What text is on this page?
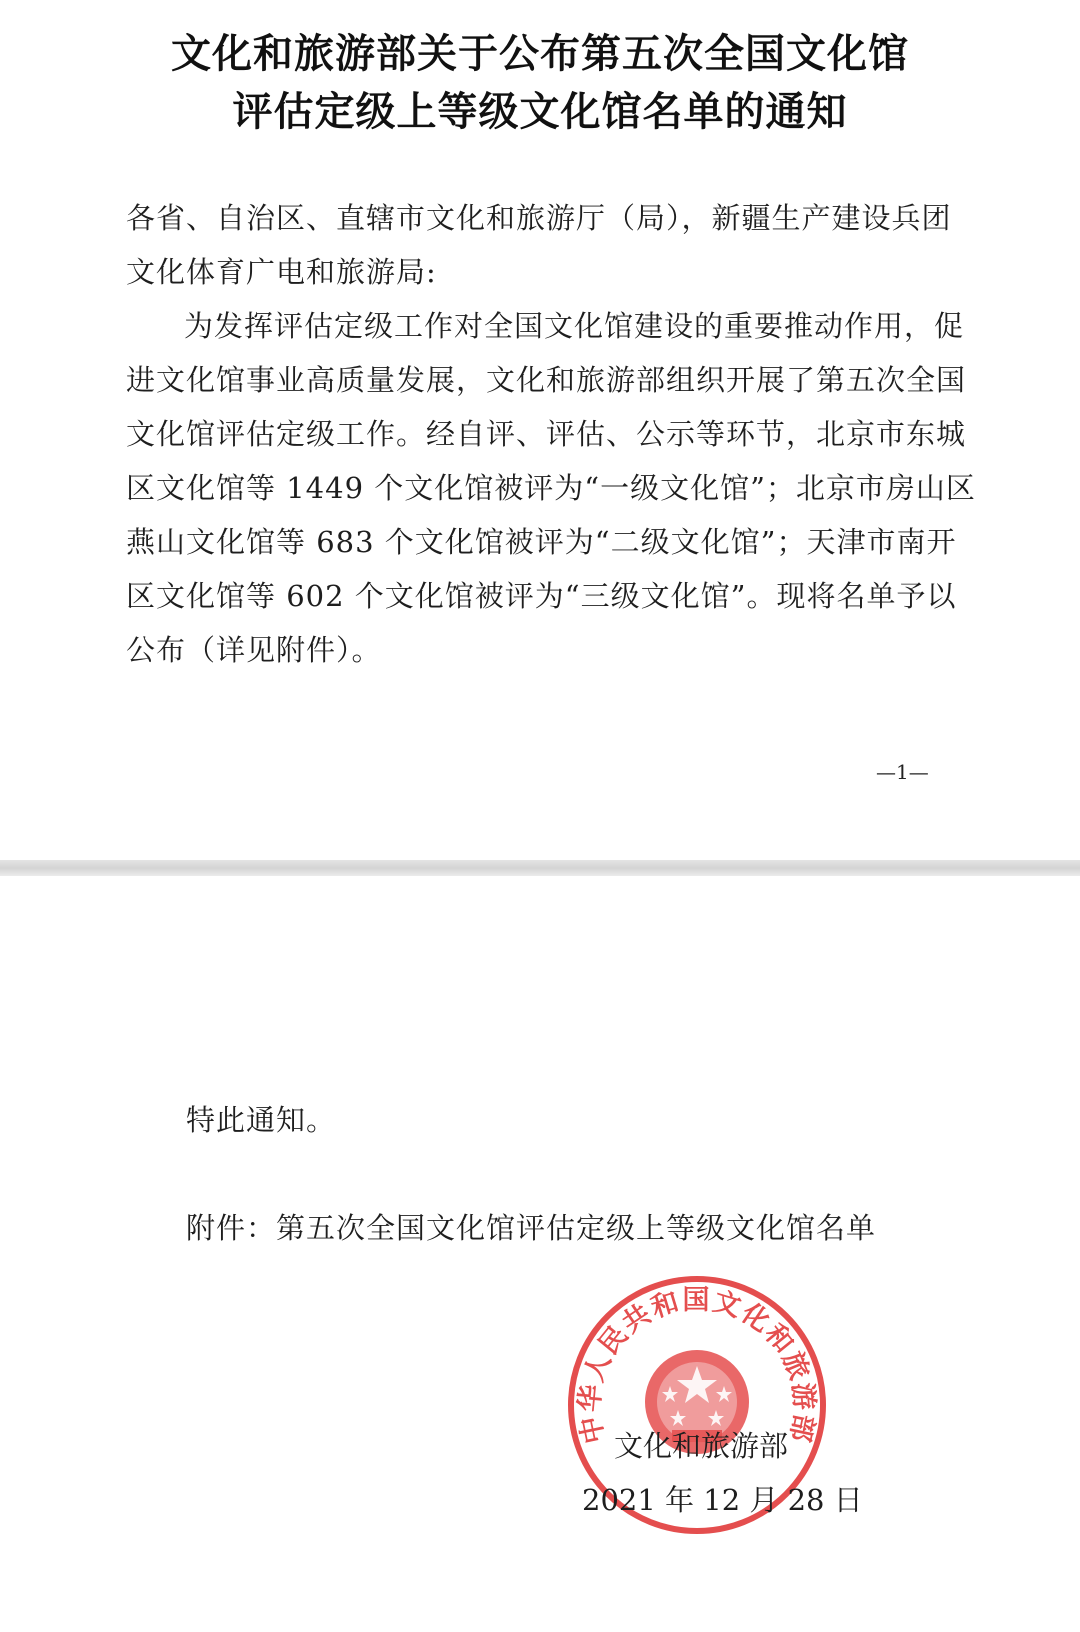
文化和旅游部关于公布第五次全国文化馆
评估定级上等级文化馆名单的通知
各省、自治区、直辖市文化和旅游厅（局），新疆生产建设兵团
文化体育广电和旅游局:
为发挥评估定级工作对全国文化馆建设的重要推动作用，促
进文化馆事业高质量发展，文化和旅游部组织开展了第五次全国
文化馆评估定级工作。经自评、评估、公示等环节，北京市东城
区文化馆等 1449 个文化馆被评为“一级文化馆”；北京市房山区
燕山文化馆等 683 个文化馆被评为“二级文化馆”；天津市南开
区文化馆等 602 个文化馆被评为“三级文化馆”。现将名单予以
公布（详见附件）。
—1—
特此通知。
附件：第五次全国文化馆评估定级上等级文化馆名单
中华人民共和国文化和旅游部
文化和旅游部
2021 年 12 月 28 日
